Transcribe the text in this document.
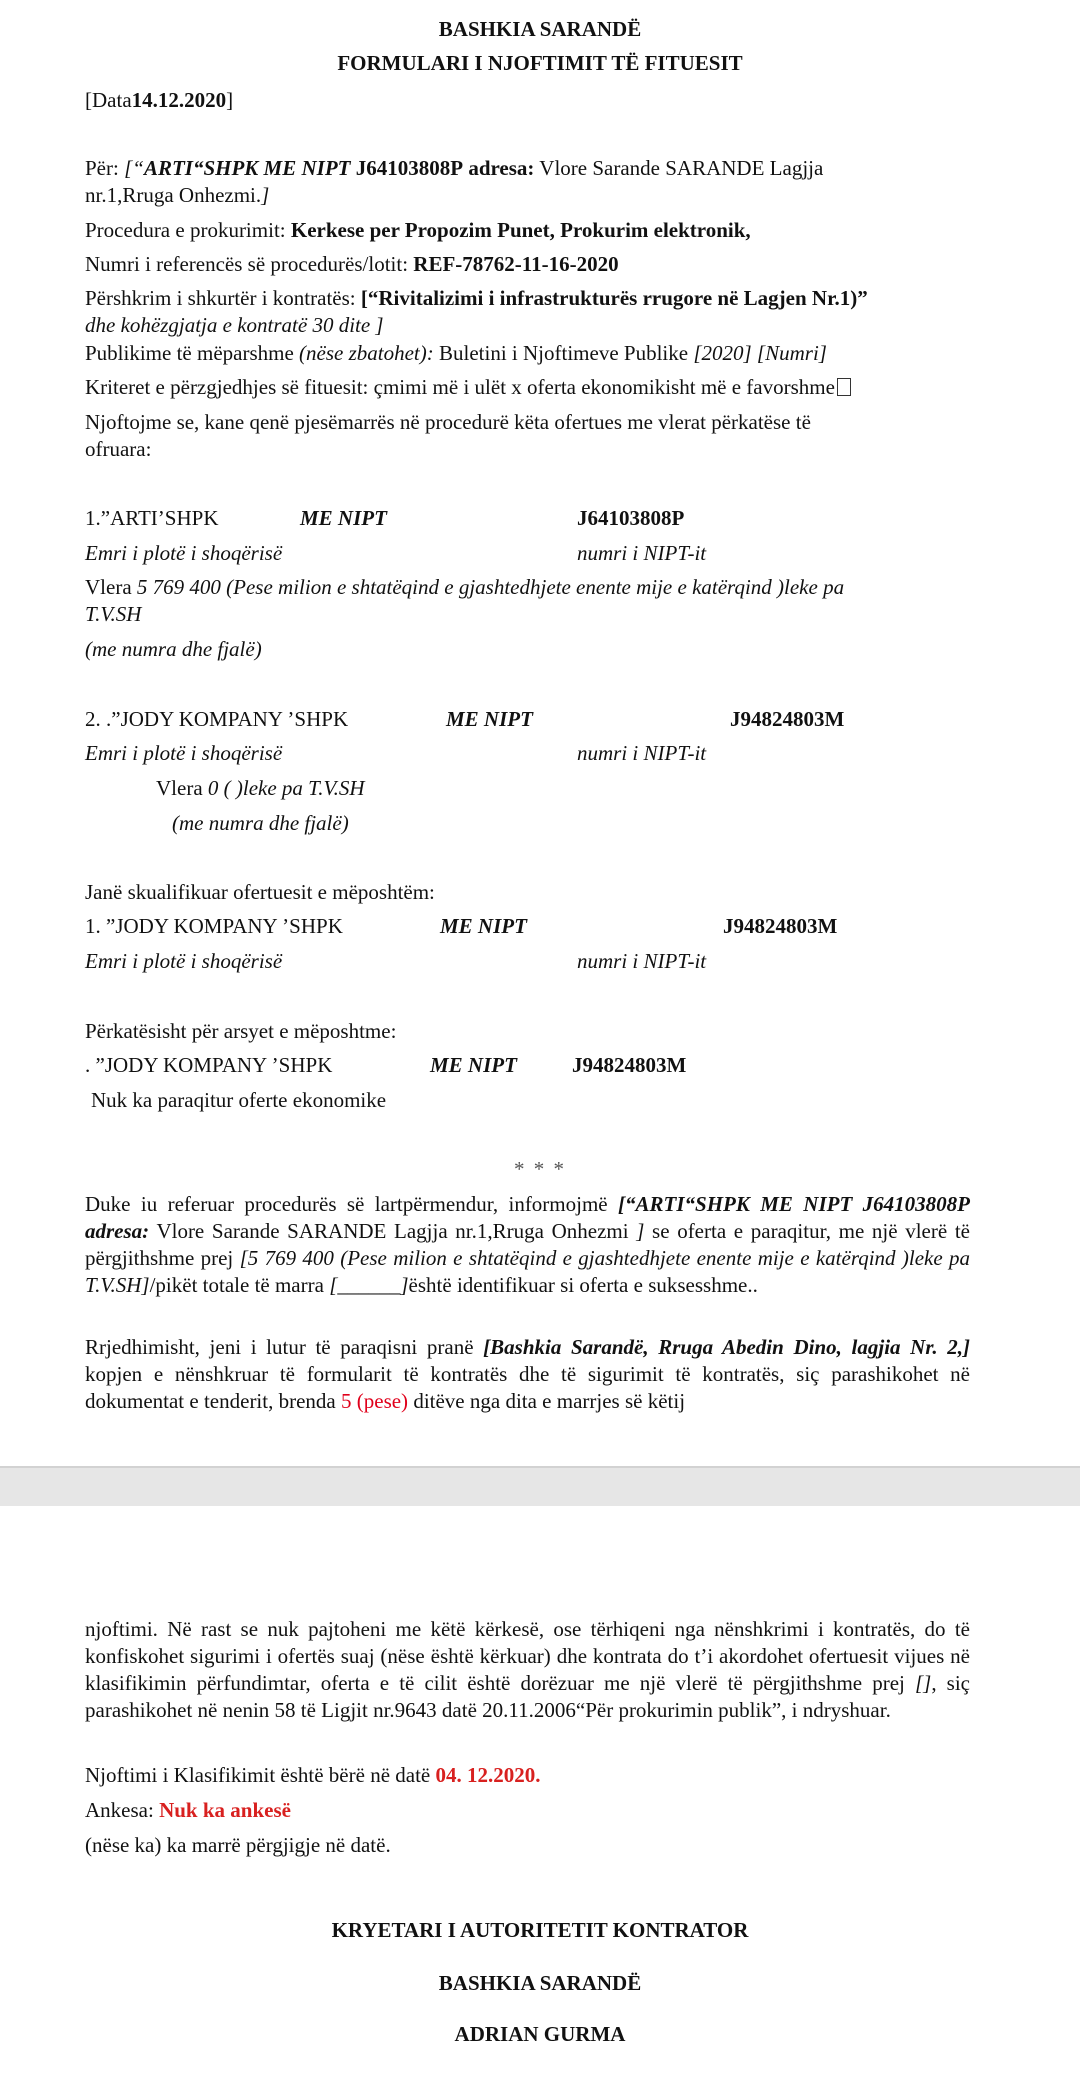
BASHKIA SARANDË
FORMULARI I NJOFTIMIT TË FITUESIT
[Data14.12.2020]
Për: [“ARTI“SHPK ME NIPT J64103808P adresa: Vlore Sarande SARANDE Lagjja
nr.1,Rruga Onhezmi.]
Procedura e prokurimit: Kerkese per Propozim Punet, Prokurim elektronik,
Numri i referencës së procedurës/lotit: REF-78762-11-16-2020
Përshkrim i shkurtër i kontratës: [“Rivitalizimi i infrastrukturës rrugore në Lagjen Nr.1)”
dhe kohëzgjatja e kontratë 30 dite ]
Publikime të mëparshme (nëse zbatohet): Buletini i Njoftimeve Publike [2020] [Numri]
Kriteret e përzgjedhjes së fituesit: çmimi më i ulët x oferta ekonomikisht më e favorshme
Njoftojme se, kane qenë pjesëmarrës në procedurë këta ofertues me vlerat përkatëse të
ofruara:
1.”ARTI’SHPK	ME NIPT	J64103808P
Emri i plotë i shoqërisë	numri i NIPT-it
Vlera 5 769 400 (Pese milion e shtatëqind e gjashtedhjete enente mije e katërqind )leke pa
T.V.SH
(me numra dhe fjalë)
2. .”JODY KOMPANY ’SHPK	ME NIPT	J94824803M
Emri i plotë i shoqërisë	numri i NIPT-it
Vlera 0 ( )leke pa T.V.SH
(me numra dhe fjalë)
Janë skualifikuar ofertuesit e mëposhtëm:
1. ”JODY KOMPANY ’SHPK	ME NIPT	J94824803M
Emri i plotë i shoqërisë	numri i NIPT-it
Përkatësisht për arsyet e mëposhtme:
. ”JODY KOMPANY ’SHPK	ME NIPT	J94824803M
Nuk ka paraqitur oferte ekonomike
* * *
Duke iu referuar procedurës së lartpërmendur, informojmë [“ARTI“SHPK ME NIPT J64103808P adresa: Vlore Sarande SARANDE Lagjja nr.1,Rruga Onhezmi ] se oferta e paraqitur, me një vlerë të përgjithshme prej [5 769 400 (Pese milion e shtatëqind e gjashtedhjete enente mije e katërqind )leke pa T.V.SH]/pikët totale të marra [______]është identifikuar si oferta e suksesshme..
Rrjedhimisht, jeni i lutur të paraqisni pranë [Bashkia Sarandë, Rruga Abedin Dino, lagjia Nr. 2,] kopjen e nënshkruar të formularit të kontratës dhe të sigurimit të kontratës, siç parashikohet në dokumentat e tenderit, brenda 5 (pese) ditëve nga dita e marrjes së këtij
njoftimi. Në rast se nuk pajtoheni me këtë kërkesë, ose tërhiqeni nga nënshkrimi i kontratës, do të konfiskohet sigurimi i ofertës suaj (nëse është kërkuar) dhe kontrata do t’i akordohet ofertuesit vijues në klasifikimin përfundimtar, oferta e të cilit është dorëzuar me një vlerë të përgjithshme prej [], siç parashikohet në nenin 58 të Ligjit nr.9643 datë 20.11.2006“Për prokurimin publik”, i ndryshuar.
Njoftimi i Klasifikimit është bërë në datë 04. 12.2020.
Ankesa: Nuk ka ankesë
(nëse ka) ka marrë përgjigje në datë.
KRYETARI I AUTORITETIT KONTRATOR
BASHKIA SARANDË
ADRIAN GURMA
